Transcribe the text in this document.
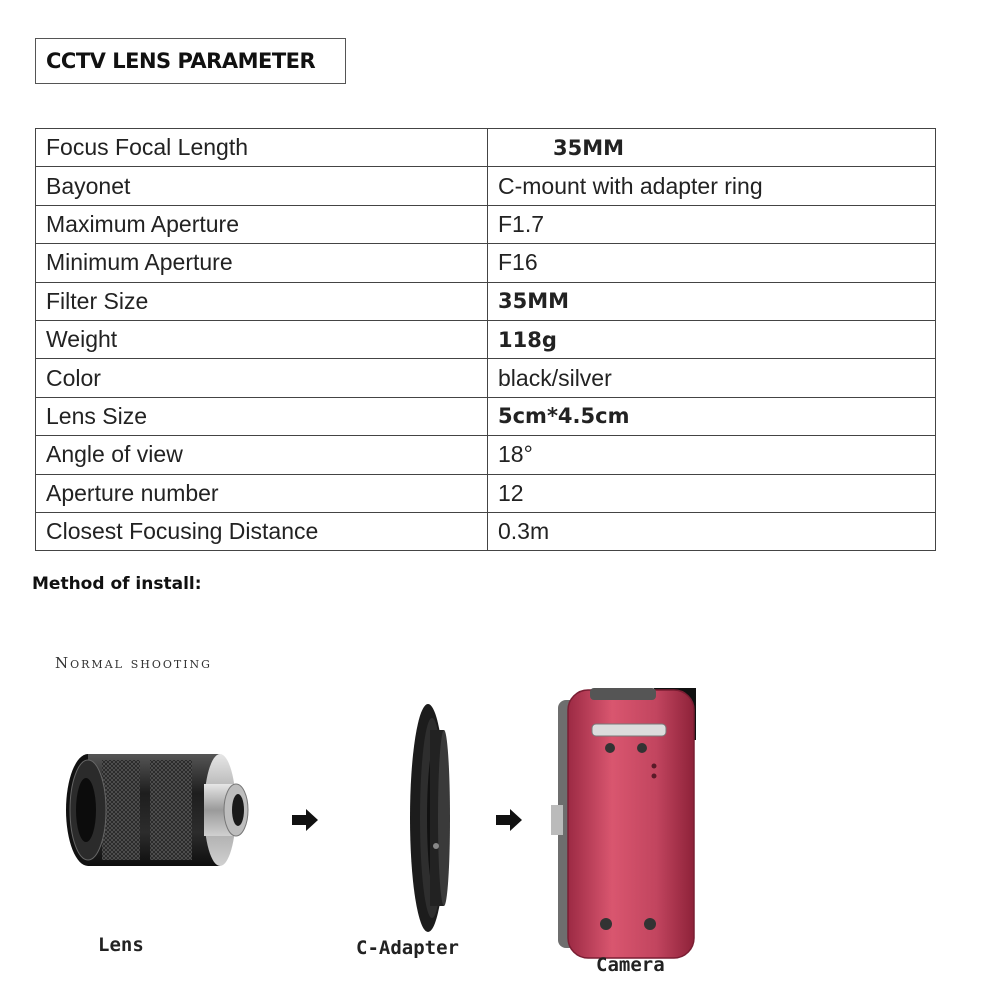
CCTV LENS PARAMETER
Focus Focal Length	35MM
Bayonet	C-mount with adapter ring
Maximum Aperture	F1.7
Minimum Aperture	F16
Filter Size	35MM
Weight	118g
Color	black/silver
Lens Size	5cm*4.5cm
Angle of view	18°
Aperture number	12
Closest Focusing Distance	0.3m
Method of install:
Normal shooting
Lens	C-Adapter
Camera
